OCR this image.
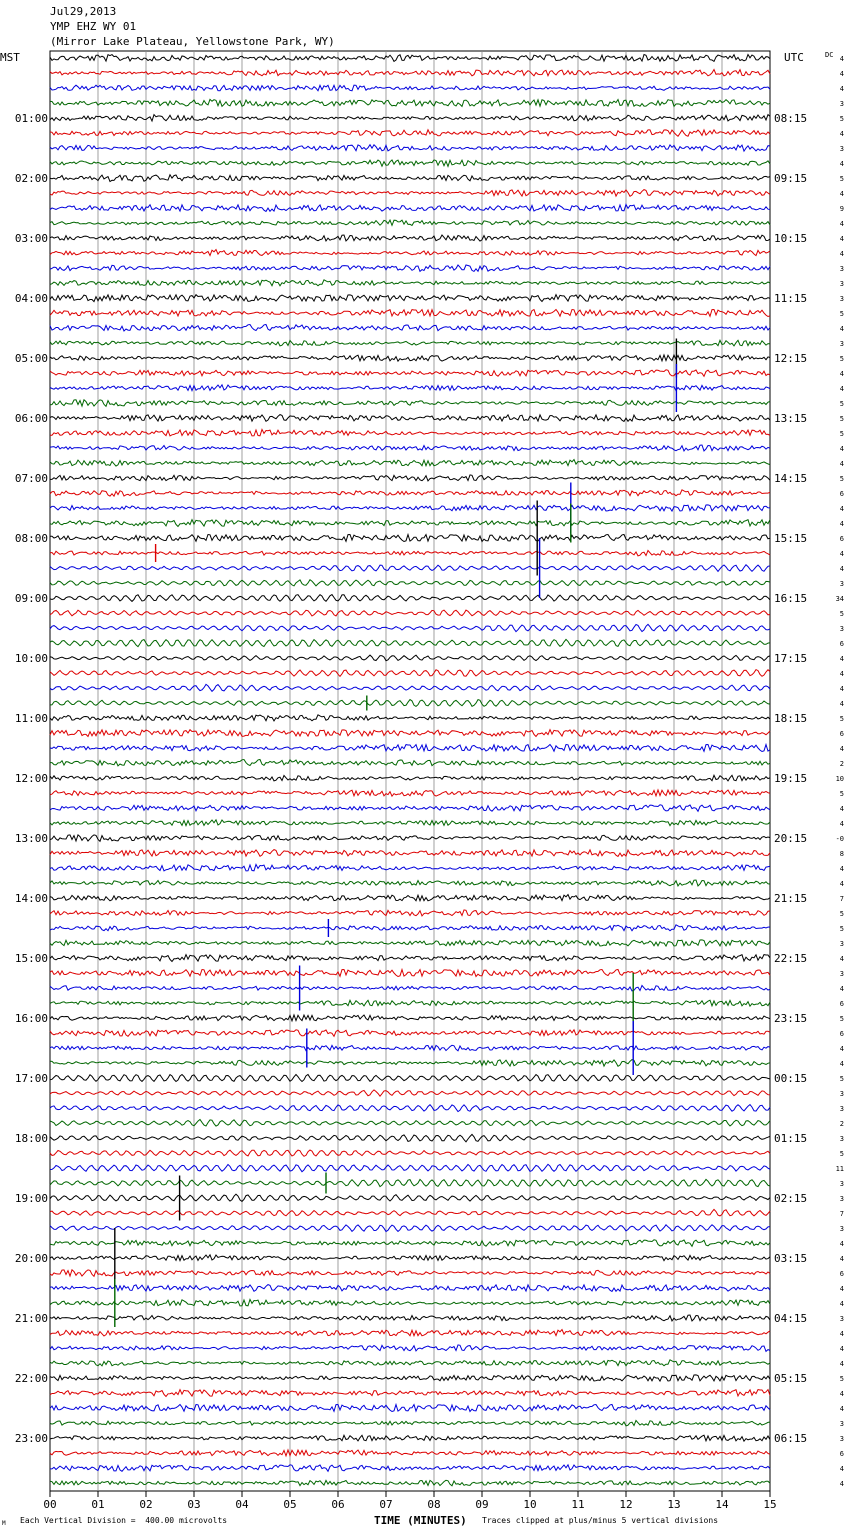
Jul29,2013
YMP EHZ WY 01
(Mirror Lake Plateau, Yellowstone Park, WY)
MST	UTC	DC
01:00
02:00
03:00
04:00
05:00
06:00
07:00
08:00
09:00
10:00
11:00
12:00
13:00
14:00
15:00
16:00
17:00
18:00
19:00
20:00
21:00
22:00
23:00
08:15
09:15
10:15
11:15
12:15
13:15
14:15
15:15
16:15
17:15
18:15
19:15
20:15
21:15
22:15
23:15
00:15
01:15
02:15
03:15
04:15
05:15
06:15
4
4
4
3
5
4
3
4
5
4
9
4
4
4
3
3
3
5
4
3
5
4
4
5
5
5
4
4
5
6
4
4
6
4
4
3
34
5
3
6
4
4
4
4
5
6
4
2
10
5
4
4
-0
8
4
4
7
5
5
3
4
3
4
6
5
6
4
4
5
3
3
2
3
5
11
3
3
7
3
4
4
6
4
4
3
4
4
4
5
4
4
3
3
6
4
4
00	01	02	03	04	05	06	07	08	09	10	11	12	13	14	15
TIME (MINUTES)
Each Vertical Division =  400.00 microvolts	Traces clipped at plus/minus 5 vertical divisions
M
